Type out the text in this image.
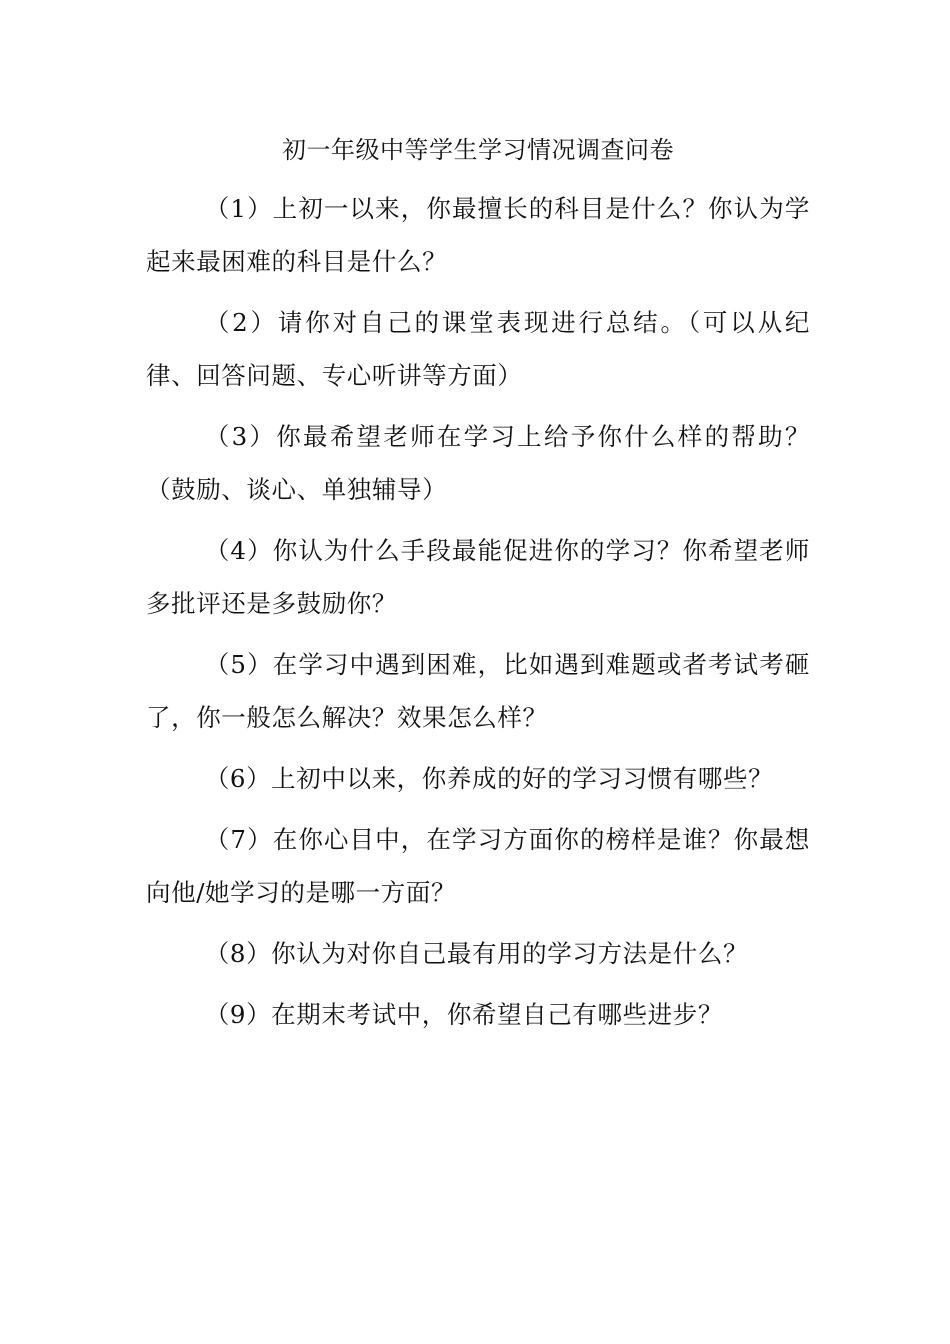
初一年级中等学生学习情况调查问卷

（1）上初一以来，你最擅长的科目是什么？你认为学起来最困难的科目是什么？

（2）请你对自己的课堂表现进行总结。（可以从纪律、回答问题、专心听讲等方面）

（3）你最希望老师在学习上给予你什么样的帮助？（鼓励、谈心、单独辅导）

（4）你认为什么手段最能促进你的学习？你希望老师多批评还是多鼓励你？

（5）在学习中遇到困难，比如遇到难题或者考试考砸了，你一般怎么解决？效果怎么样？

（6）上初中以来，你养成的好的学习习惯有哪些？

（7）在你心目中，在学习方面你的榜样是谁？你最想向他/她学习的是哪一方面？

（8）你认为对你自己最有用的学习方法是什么？

（9）在期末考试中，你希望自己有哪些进步？
